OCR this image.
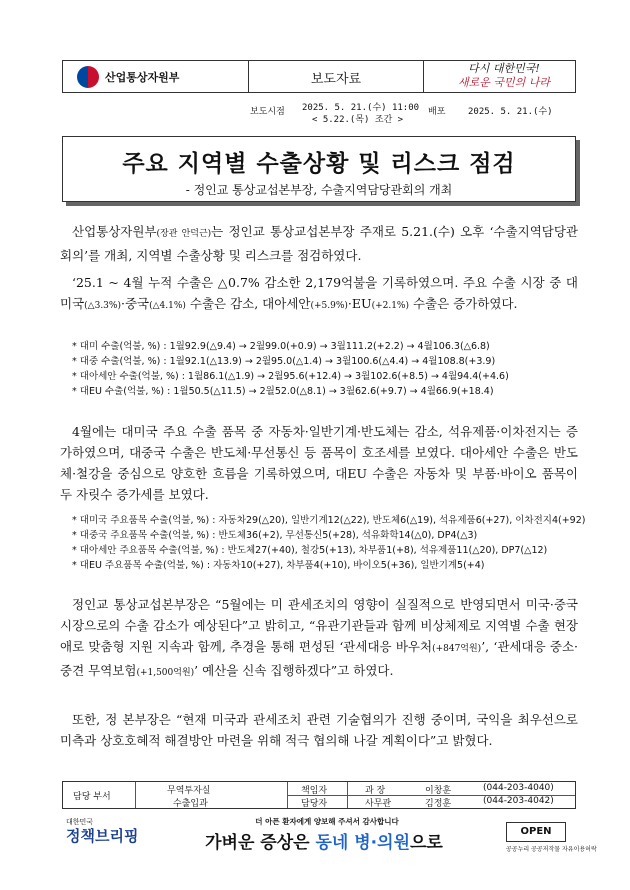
산업통상자원부	보도자료
다시 대한민국!
새로운 국민의 나라
보도시점 2025. 5. 21.(수) 11:00
< 5.22.(목) 조간 >
배포	2025. 5. 21.(수)
주요 지역별 수출상황 및 리스크 점검
- 정인교 통상교섭본부장, 수출지역담당관회의 개최

산업통상자원부(장관 안덕근)는 정인교 통상교섭본부장 주재로 5.21.(수) 오후 ‘수출지역담당관회의’를 개최, 지역별 수출상황 및 리스크를 점검하였다.

‘25.1 ~ 4월 누적 수출은 △0.7% 감소한 2,179억불을 기록하였으며. 주요 수출 시장 중 대미국(△3.3%)·중국(△4.1%) 수출은 감소, 대아세안(+5.9%)·EU(+2.1%) 수출은 증가하였다.

* 대미 수출(억불, %) : 1월92.9(△9.4) → 2월99.0(+0.9) → 3월111.2(+2.2) → 4월106.3(△6.8)
* 대중 수출(억불, %) : 1월92.1(△13.9) → 2월95.0(△1.4) → 3월100.6(△4.4) → 4월108.8(+3.9)
* 대아세안 수출(억불, %) : 1월86.1(△1.9) → 2월95.6(+12.4) → 3월102.6(+8.5) → 4월94.4(+4.6)
* 대EU 수출(억불, %) : 1월50.5(△11.5) → 2월52.0(△8.1) → 3월62.6(+9.7) → 4월66.9(+18.4)

4월에는 대미국 주요 수출 품목 중 자동차·일반기계·반도체는 감소, 석유제품·이차전지는 증가하였으며, 대중국 수출은 반도체·무선통신 등 품목이 호조세를 보였다. 대아세안 수출은 반도체·철강을 중심으로 양호한 흐름을 기록하였으며, 대EU 수출은 자동차 및 부품·바이오 품목이 두 자릿수 증가세를 보였다.

* 대미국 주요품목 수출(억불, %) : 자동차29(△20), 일반기계12(△22), 반도체6(△19), 석유제품6(+27), 이차전지4(+92)
* 대중국 주요품목 수출(억불, %) : 반도체36(+2), 무선통신5(+28), 석유화학14(△0), DP4(△3)
* 대아세안 주요품목 수출(억불, %) : 반도체27(+40), 철강5(+13), 차부품1(+8), 석유제품11(△20), DP7(△12)
* 대EU 주요품목 수출(억불, %) : 자동차10(+27), 차부품4(+10), 바이오5(+36), 일반기계5(+4)

정인교 통상교섭본부장은 “5월에는 미 관세조치의 영향이 실질적으로 반영되면서 미국·중국 시장으로의 수출 감소가 예상된다”고 밝히고, “유관기관들과 함께 비상체제로 지역별 수출 현장애로 맞춤형 지원 지속과 함께, 추경을 통해 편성된 ‘관세대응 바우처(+847억원)’, ‘관세대응 중소·중견 무역보험(+1,500억원)’ 예산을 신속 집행하겠다”고 하였다.

또한, 정 본부장은 “현재 미국과 관세조치 관련 기술협의가 진행 중이며, 국익을 최우선으로 미측과 상호호혜적 해결방안 마련을 위해 적극 협의해 나갈 계획이다”고 밝혔다.

담당 부서
무역투자실
수출입과
책임자
담당자
과 장
사무관
이창훈
김정훈
(044-203-4040)
(044-203-4042)
대한민국
정책브리핑
더 아픈 환자에게 양보해 주셔서 감사합니다
가벼운 증상은 동네 병·의원으로
OPEN
공공누리 공공저작물 자유이용허락
